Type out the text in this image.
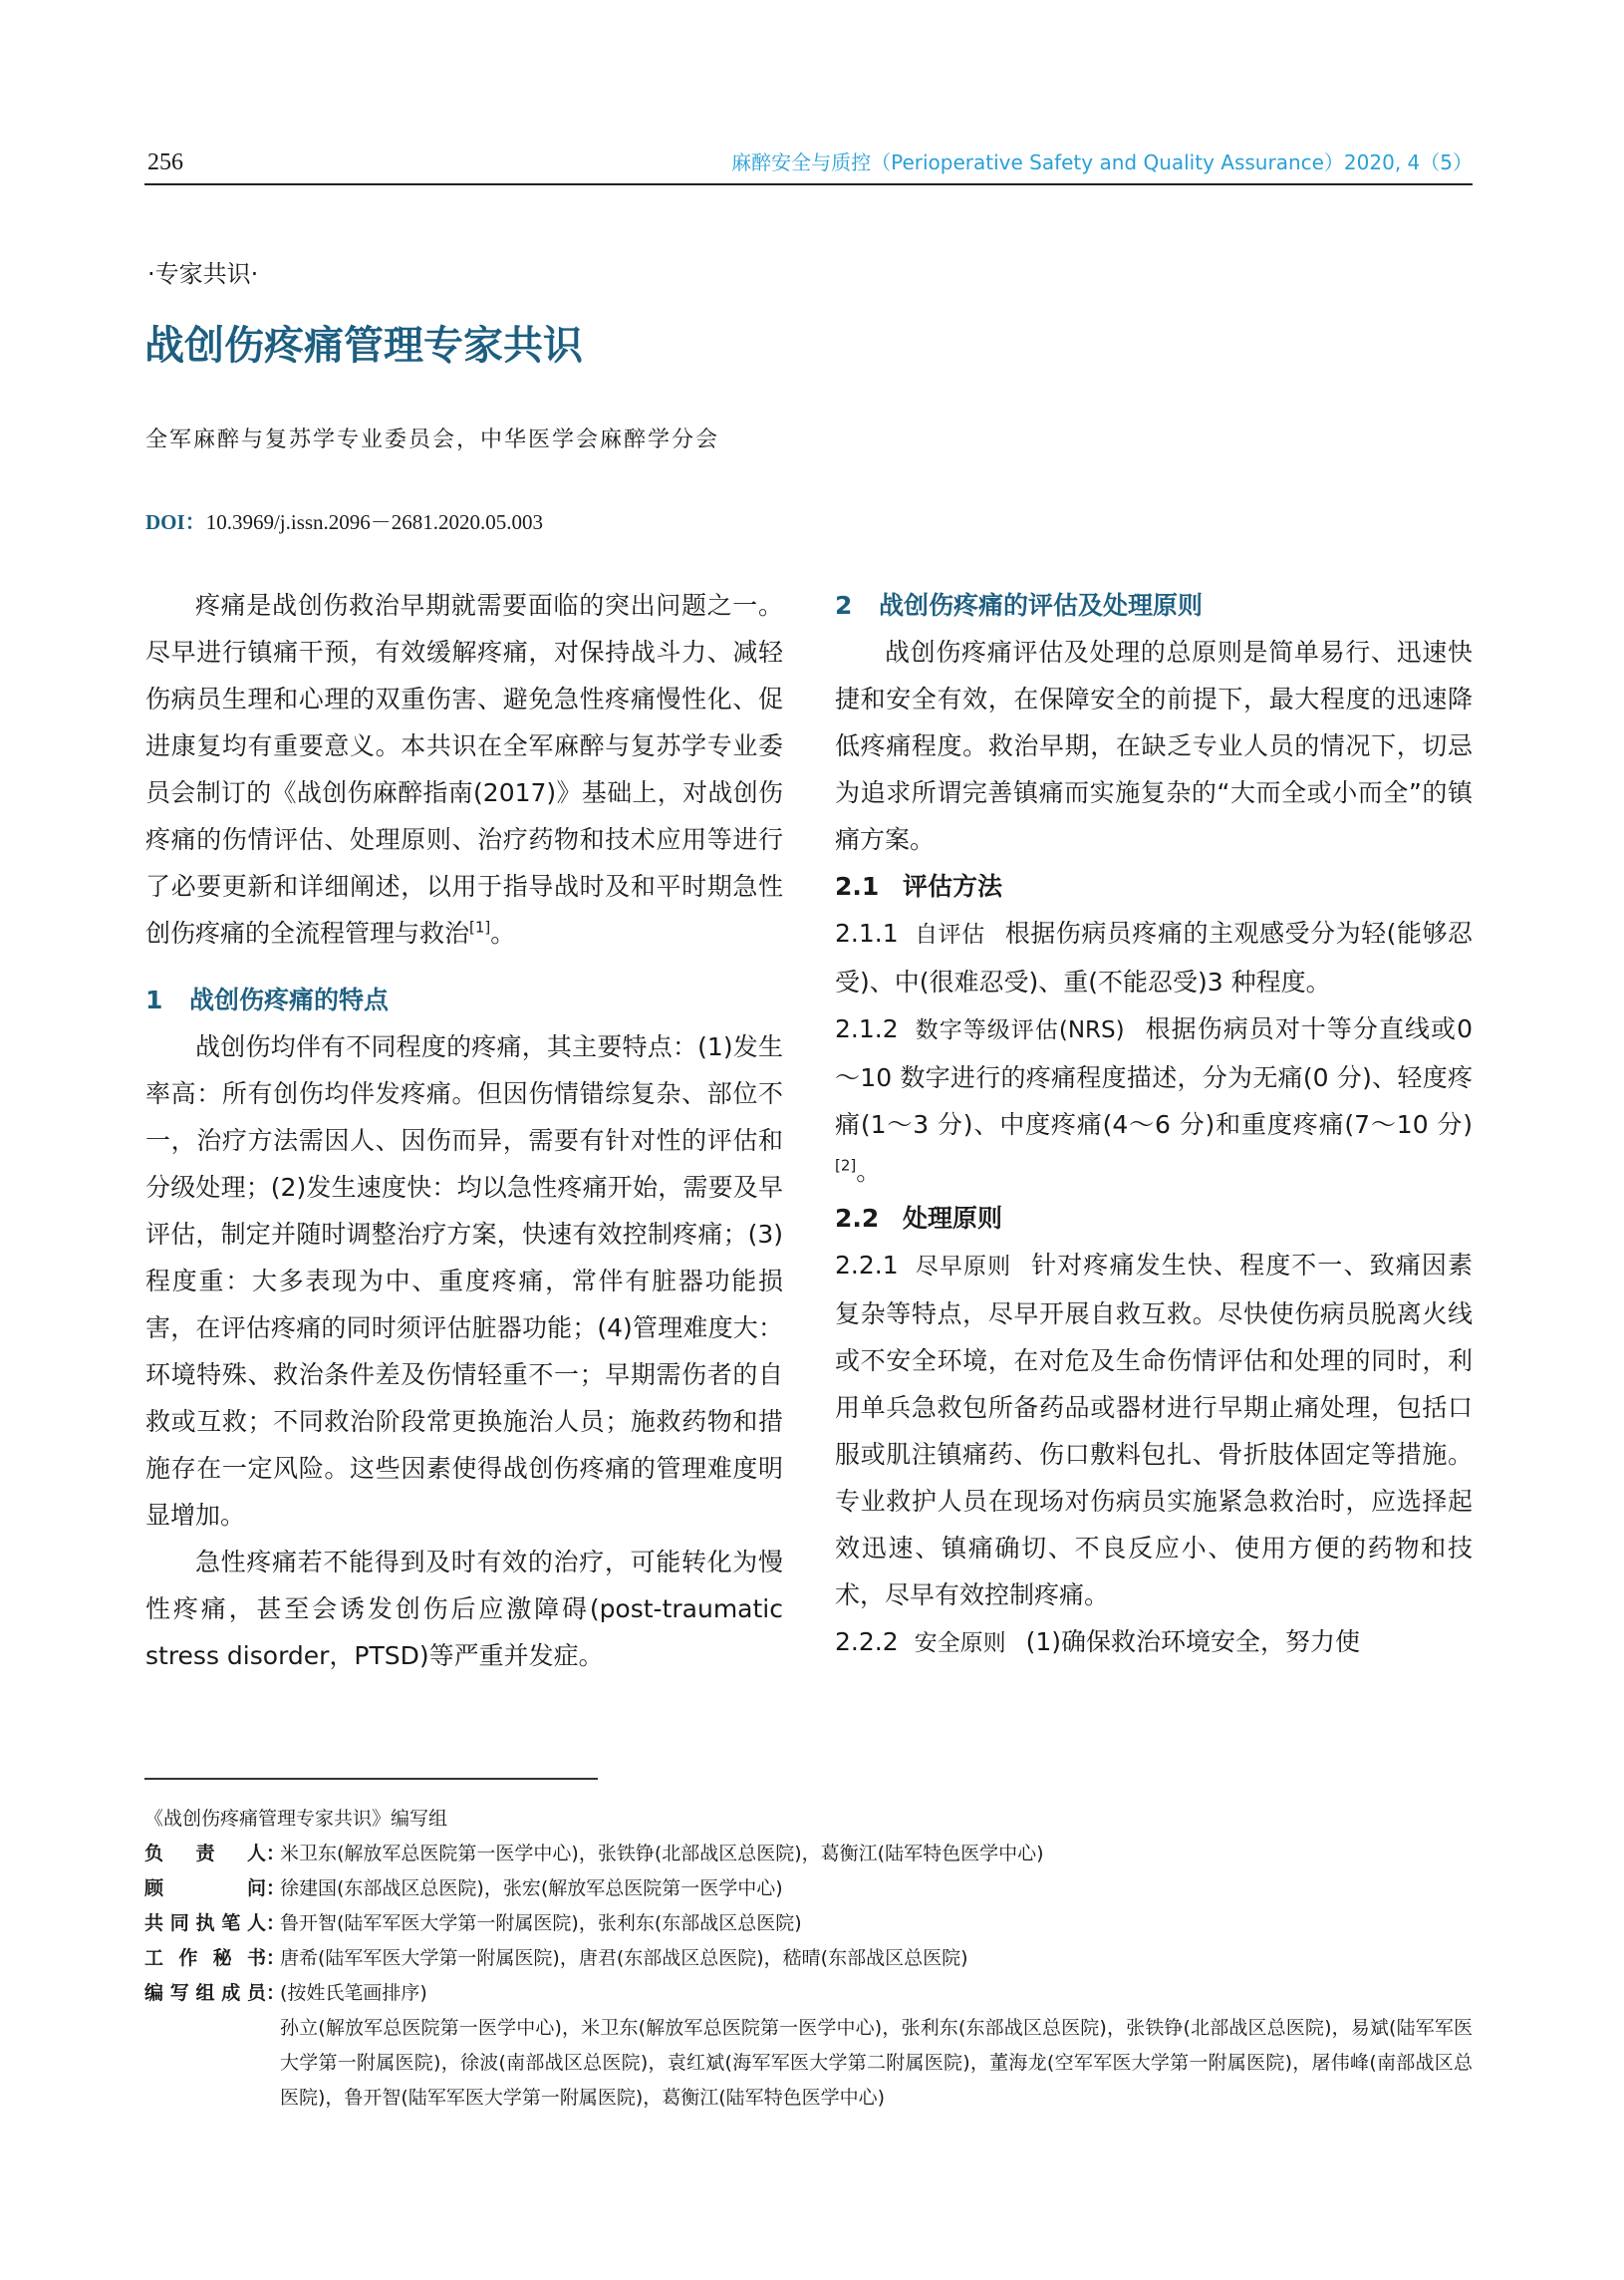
256	麻醉安全与质控（Perioperative Safety and Quality Assurance）2020, 4（5）
·专家共识·
战创伤疼痛管理专家共识
全军麻醉与复苏学专业委员会，中华医学会麻醉学分会
DOI：10.3969/j.issn.2096－2681.2020.05.003

疼痛是战创伤救治早期就需要面临的突出问题之一。尽早进行镇痛干预，有效缓解疼痛，对保持战斗力、减轻伤病员生理和心理的双重伤害、避免急性疼痛慢性化、促进康复均有重要意义。本共识在全军麻醉与复苏学专业委员会制订的《战创伤麻醉指南(2017)》基础上，对战创伤疼痛的伤情评估、处理原则、治疗药物和技术应用等进行了必要更新和详细阐述，以用于指导战时及和平时期急性创伤疼痛的全流程管理与救治[1]。

1 战创伤疼痛的特点

战创伤均伴有不同程度的疼痛，其主要特点：(1)发生率高：所有创伤均伴发疼痛。但因伤情错综复杂、部位不一，治疗方法需因人、因伤而异，需要有针对性的评估和分级处理；(2)发生速度快：均以急性疼痛开始，需要及早评估，制定并随时调整治疗方案，快速有效控制疼痛；(3)程度重：大多表现为中、重度疼痛，常伴有脏器功能损害，在评估疼痛的同时须评估脏器功能；(4)管理难度大：环境特殊、救治条件差及伤情轻重不一；早期需伤者的自救或互救；不同救治阶段常更换施治人员；施救药物和措施存在一定风险。这些因素使得战创伤疼痛的管理难度明显增加。

急性疼痛若不能得到及时有效的治疗，可能转化为慢性疼痛，甚至会诱发创伤后应激障碍(post-traumatic stress disorder，PTSD)等严重并发症。

2 战创伤疼痛的评估及处理原则

战创伤疼痛评估及处理的总原则是简单易行、迅速快捷和安全有效，在保障安全的前提下，最大程度的迅速降低疼痛程度。救治早期，在缺乏专业人员的情况下，切忌为追求所谓完善镇痛而实施复杂的“大而全或小而全”的镇痛方案。

2.1 评估方法

2.1.1 自评估 根据伤病员疼痛的主观感受分为轻(能够忍受)、中(很难忍受)、重(不能忍受)3 种程度。

2.1.2 数字等级评估(NRS) 根据伤病员对十等分直线或0～10 数字进行的疼痛程度描述，分为无痛(0 分)、轻度疼痛(1～3 分)、中度疼痛(4～6 分)和重度疼痛(7～10 分)[2]。

2.2 处理原则

2.2.1 尽早原则 针对疼痛发生快、程度不一、致痛因素复杂等特点，尽早开展自救互救。尽快使伤病员脱离火线或不安全环境，在对危及生命伤情评估和处理的同时，利用单兵急救包所备药品或器材进行早期止痛处理，包括口服或肌注镇痛药、伤口敷料包扎、骨折肢体固定等措施。专业救护人员在现场对伤病员实施紧急救治时，应选择起效迅速、镇痛确切、不良反应小、使用方便的药物和技术，尽早有效控制疼痛。

2.2.2 安全原则 (1)确保救治环境安全，努力使

《战创伤疼痛管理专家共识》编写组

负责人 ：
米卫东(解放军总医院第一医学中心)，张铁铮(北部战区总医院)，葛衡江(陆军特色医学中心)

顾问 ：
徐建国(东部战区总医院)，张宏(解放军总医院第一医学中心)

共同执笔人 ：
鲁开智(陆军军医大学第一附属医院)，张利东(东部战区总医院)

工作秘书 ：
唐希(陆军军医大学第一附属医院)，唐君(东部战区总医院)，嵇晴(东部战区总医院)

编写组成员 ：
(按姓氏笔画排序)

孙立(解放军总医院第一医学中心)，米卫东(解放军总医院第一医学中心)，张利东(东部战区总医院)，张铁铮(北部战区总医院)，易斌(陆军军医大学第一附属医院)，徐波(南部战区总医院)，袁红斌(海军军医大学第二附属医院)，董海龙(空军军医大学第一附属医院)，屠伟峰(南部战区总医院)，鲁开智(陆军军医大学第一附属医院)，葛衡江(陆军特色医学中心)
